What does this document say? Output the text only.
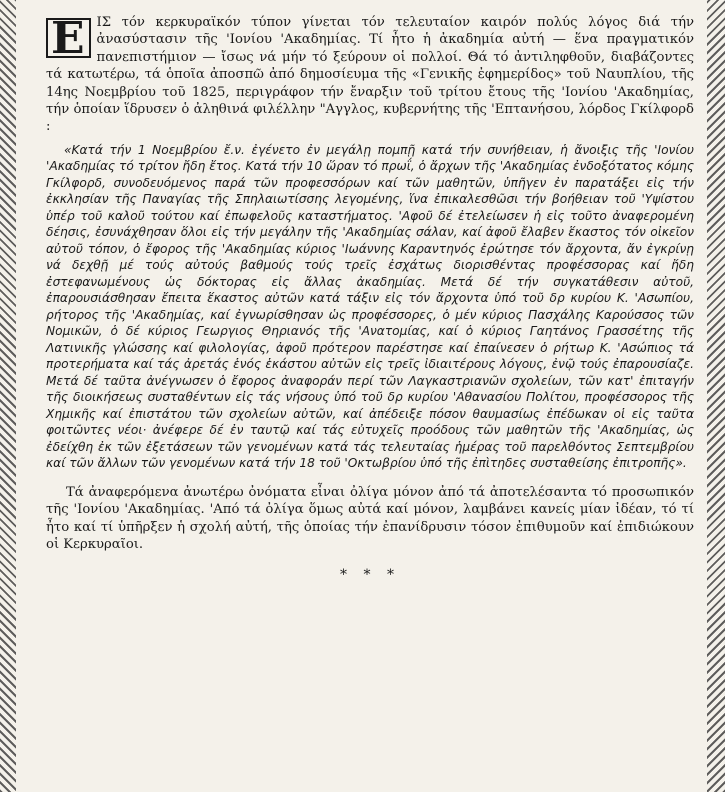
Ε ΙΣ τόν κερκυραϊκόν τύπον γίνεται τόν τελευταίον καιρόν πολύς λόγος διά τήν ἀνασύστασιν τῆς 'Ιονίου 'Ακαδημίας. Τί ἦτο ἡ ἀκαδημία αὐτή — ἕνα πραγματικόν πανεπιστήμιον — ἴσως νά μήν τό ξεύρουν οἱ πολλοί. Θά τό ἀντιληφθοῦν, διαβάζοντες τά κατωτέρω, τά ὁποῖα ἀποσπῶ ἀπό δημοσίευμα τῆς «Γενικῆς ἐφημερίδος» τοῦ Ναυπλίου, τῆς 14ης Νοεμβρίου τοῦ 1825, περιγράφον τήν ἔναρξιν τοῦ τρίτου ἔτους τῆς 'Ιονίου 'Ακαδημίας, τήν ὁποίαν ἵδρυσεν ὁ ἀληθινά φιλέλλην "Αγγλος, κυβερνήτης τῆς 'Επτανήσου, λόρδος Γκίλφορδ :

«Κατά τήν 1 Νοεμβρίου ἔ.ν. ἐγένετο ἐν μεγάλῃ πομπῇ κατά τήν συνήθειαν, ἡ ἄνοιξις τῆς 'Ιονίου 'Ακαδημίας τό τρίτον ἤδη ἔτος. Κατά τήν 10 ὥραν τό πρωΐ, ὁ ἄρχων τῆς 'Ακαδημίας ἐνδοξότατος κόμης Γκίλφορδ, συνοδευόμενος παρά τῶν προφεσσόρων καί τῶν μαθητῶν, ὑπῆγεν ἐν παρατάξει εἰς τήν ἐκκλησίαν τῆς Παναγίας τῆς Σπηλαιωτίσσης λεγομένης, ἵνα ἐπικαλεσθῶσι τήν βοήθειαν τοῦ 'Υψίστου ὑπέρ τοῦ καλοῦ τούτου καί ἐπωφελοῦς καταστήματος. 'Αφοῦ δέ ἐτελείωσεν ἡ εἰς τοῦτο ἀναφερομένη δέησις, ἐσυνάχθησαν ὅλοι εἰς τήν μεγάλην τῆς 'Ακαδημίας σάλαν, καί ἀφοῦ ἔλαβεν ἕκαστος τόν οἰκεῖον αὐτοῦ τόπον, ὁ ἔφορος τῆς 'Ακαδημίας κύριος 'Ιωάννης Καραντηνός ἐρώτησε τόν ἄρχοντα, ἄν ἐγκρίνῃ νά δεχθῇ μέ τούς αὐτούς βαθμούς τούς τρεῖς ἐσχάτως διορισθέντας προφέσσορας καί ἤδη ἐστεφανωμένους ὡς δόκτορας εἰς ἄλλας ἀκαδημίας. Μετά δέ τήν συγκατάθεσιν αὐτοῦ, ἐπαρουσιάσθησαν ἔπειτα ἕκαστος αὐτῶν κατά τάξιν εἰς τόν ἄρχοντα ὑπό τοῦ δρ κυρίου Κ. 'Ασωπίου, ρήτορος τῆς 'Ακαδημίας, καί ἐγνωρίσθησαν ὡς προφέσσορες, ὁ μέν κύριος Πασχάλης Καρούσσος τῶν Νομικῶν, ὁ δέ κύριος Γεωργιος Θηριανός τῆς 'Ανατομίας, καί ὁ κύριος Γαητάνος Γρασσέτης τῆς Λατινικῆς γλώσσης καί φιλολογίας, ἀφοῦ πρότερον παρέστησε καί ἐπαίνεσεν ὁ ρήτωρ Κ. 'Ασώπιος τά προτερήματα καί τάς ἀρετάς ἑνός ἑκάστου αὐτῶν εἰς τρεῖς ἰδιαιτέρους λόγους, ἐνῷ τούς ἐπαρουσίαζε. Μετά δέ ταῦτα ἀνέγνωσεν ὁ ἔφορος ἀναφοράν περί τῶν Λαγκαστριανῶν σχολείων, τῶν κατ' ἐπιταγήν τῆς διοικήσεως συσταθέντων εἰς τάς νήσους ὑπό τοῦ δρ κυρίου 'Αθανασίου Πολίτου, προφέσσορος τῆς Χημικῆς καί ἐπιστάτου τῶν σχολείων αὐτῶν, καί ἀπέδειξε πόσον θαυμασίως ἐπέδωκαν οἱ εἰς ταῦτα φοιτῶντες νέοι· ἀνέφερε δέ ἐν ταυτῷ καί τάς εὐτυχεῖς προόδους τῶν μαθητῶν τῆς 'Ακαδημίας, ὡς ἐδείχθη ἐκ τῶν ἐξετάσεων τῶν γενομένων κατά τάς τελευταίας ἡμέρας τοῦ παρελθόντος Σεπτεμβρίου καί τῶν ἄλλων τῶν γενομένων κατά τήν 18 τοῦ 'Οκτωβρίου ὑπό τῆς ἐπὶτηδες συσταθείσης ἐπιτροπῆς».

Τά ἀναφερόμενα ἀνωτέρω ὀνόματα εἶναι ὀλίγα μόνον ἀπό τά ἀποτελέσαντα τό προσωπικόν τῆς 'Ιονίου 'Ακαδημίας. 'Από τά ὀλίγα ὅμως αὐτά καί μόνον, λαμβάνει κανείς μίαν ἰδέαν, τό τί ἦτο καί τί ὑπῆρξεν ἡ σχολή αὐτή, τῆς ὁποίας τήν ἐπανίδρυσιν τόσον ἐπιθυμοῦν καί ἐπιδιώκουν οἱ Κερκυραῖοι.

* * *
